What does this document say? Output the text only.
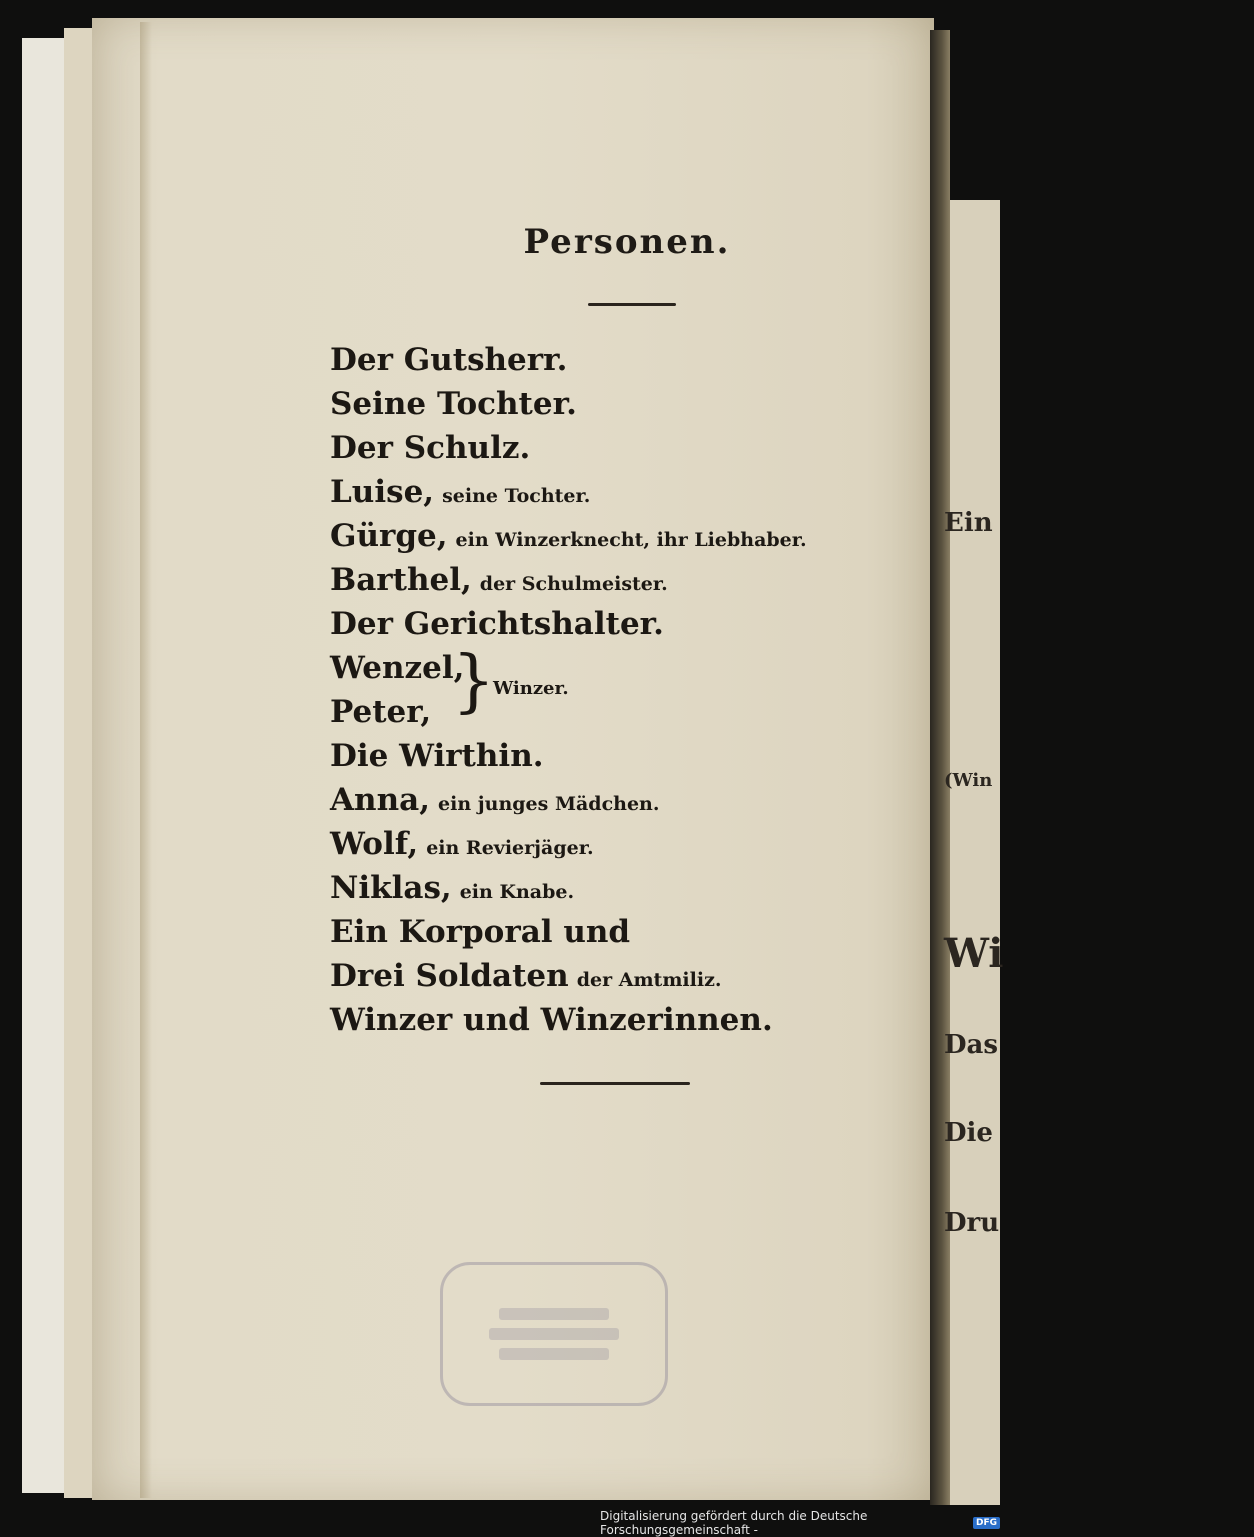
Personen.
Der Gutsherr.
Seine Tochter.
Der Schulz.
Luise, seine Tochter.
Gürge, ein Winzerknecht, ihr Liebhaber.
Barthel, der Schulmeister.
Der Gerichtshalter.
Wenzel,
Peter,
Die Wirthin.
Anna, ein junges Mädchen.
Wolf, ein Revierjäger.
Niklas, ein Knabe.
Ein Korporal und
Drei Soldaten der Amtmiliz.
Winzer und Winzerinnen.
}
Winzer.
Ein
(Win
Wi
Das
Die
Dru
Digitalisierung gefördert durch die Deutsche Forschungsgemeinschaft -	DFG
